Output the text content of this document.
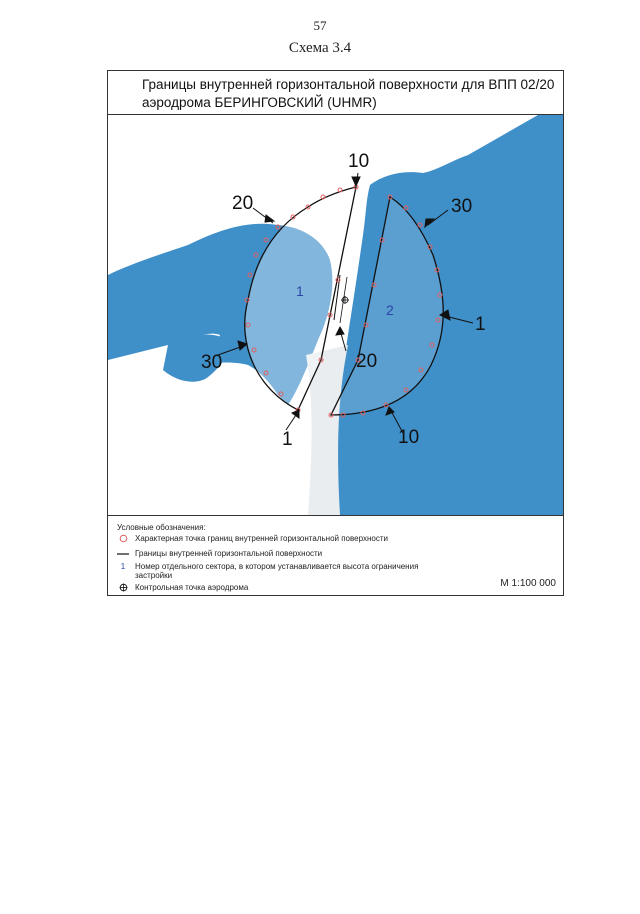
57
Схема 3.4
Границы внутренней горизонтальной поверхности для ВПП 02/20
аэродрома БЕРИНГОВСКИЙ (UHMR)
10
20	30
1
30
1
20
10
1
2
Условные обозначения:
Характерная точка границ внутренней горизонтальной поверхности
Границы внутренней горизонтальной поверхности
1	Номер отдельного сектора, в котором устанавливается высота ограничения застройки
Контрольная точка аэродрома	М 1:100 000
